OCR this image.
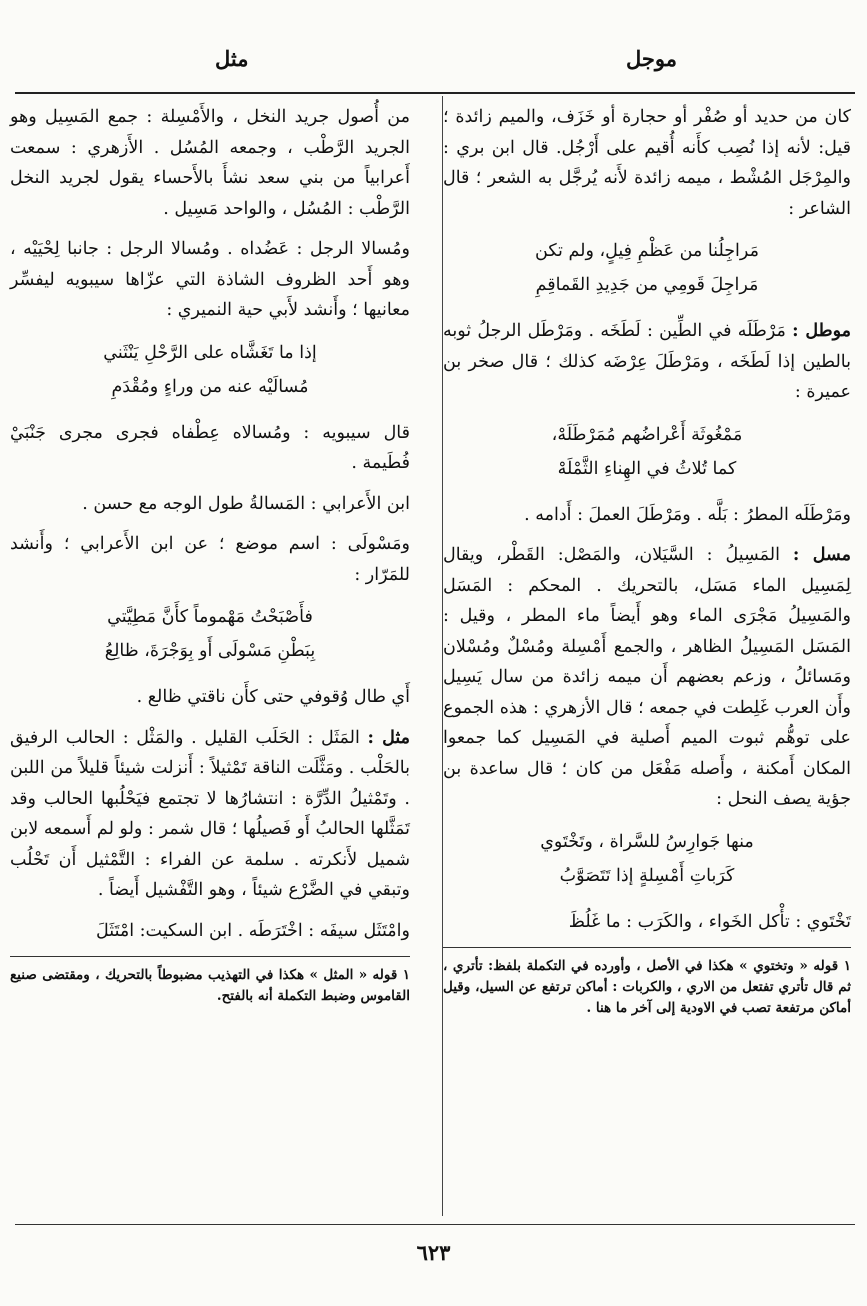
موجل
مثل

كان من حديد أو صُفْر أو حجارة أو خَزَف، والميم زائدة ؛ قيل: لأنه إذا نُصِب كأَنه أُقيم على أَرْجُل. قال ابن بري : والمِرْجَل المُشْط ، ميمه زائدة لأَنه يُرجَّل به الشعر ؛ قال الشاعر :

مَراجِلُنا من عَظْمِ فِيلٍ، ولم تكن
مَراجِلَ قَومِي من جَدِيدِ القَماقِمِ

موطل : مَرْطَلَه في الطِّين : لَطَخَه . ومَرْطَل الرجلُ ثوبه بالطين إذا لَطَخَه ، ومَرْطَلَ عِرْضَه كذلك ؛ قال صخر بن عميرة :

مَمْغُوثَة أَعْراضُهم مُمَرْطَلَهْ،
كما تُلاثُ في الهِناءِ الثَّمْلَهْ

ومَرْطَلَه المطرُ : بَلَّه . ومَرْطَلَ العملَ : أَدامه .

مسل : المَسِيلُ : السَّيَلان، والمَصْل: القَطْر، ويقال لِمَسِيل الماء مَسَل، بالتحريك . المحكم : المَسَل والمَسِيلُ مَجْرَى الماء وهو أَيضاً ماء المطر ، وقيل : المَسَل المَسِيلُ الظاهر ، والجمع أَمْسِلة ومُسْلٌ ومُسْلان ومَسائلُ ، وزعم بعضهم أَن ميمه زائدة من سال يَسِيل وأَن العرب غَلِطت في جمعه ؛ قال الأزهري : هذه الجموع على توهُّم ثبوت الميم أَصلية في المَسِيل كما جمعوا المكان أَمكنة ، وأَصله مَفْعَل من كان ؛ قال ساعدة بن جؤية يصف النحل :

منها جَوارِسُ للسَّراة ، وتَخْتَوي
كَرَباتِ أَمْسِلةٍ إذا تَتَصَوَّبُ

تَخْتَوي : تأْكل الخَواء ، والكَرَب : ما غَلُظَ

١ قوله « وتختوي » هكذا في الأصل ، وأورده في التكملة بلفظ: تأتري ، ثم قال تأتري تفتعل من الاري ، والكربات : أماكن ترتفع عن السيل، وقيل أماكن مرتفعة تصب في الاودية إلى آخر ما هنا .

من أُصول جريد النخل ، والأَمْسِلة : جمع المَسِيل وهو الجريد الرَّطْب ، وجمعه المُسُل . الأَزهري : سمعت أَعرابياً من بني سعد نشأَ بالأَحساء يقول لجريد النخل الرَّطْب : المُسُل ، والواحد مَسِيل .

ومُسالا الرجل : عَضُداه . ومُسالا الرجل : جانبا لِحْيَيْه ، وهو أَحد الظروف الشاذة التي عزّاها سيبويه ليفسِّر معانيها ؛ وأَنشد لأَبي حية النميري :

إذا ما تَغَشَّاه على الرَّحْلِ يَنْثَني
مُسالَيْه عنه من وراءٍ ومُقْدَمِ

قال سيبويه : ومُسالاه عِطْفاه فجرى مجرى جَنْبَيْ فُطَيمة .

ابن الأَعرابي : المَسالةُ طول الوجه مع حسن .

ومَسْولَى : اسم موضع ؛ عن ابن الأَعرابي ؛ وأَنشد للمَرّار :

فأَصْبَحْتُ مَهْموماً كأَنَّ مَطِيَّتي
بِبَطْنِ مَسْولَى أَو بِوَجْرَةَ، ظالِعُ

أَي طال وُقوفي حتى كأَن ناقتي ظالع .

مثل : المَثَل : الحَلَب القليل . والمَثْل : الحالب الرفيق بالحَلْب . ومَثَّلَت الناقة تَمْثيلاً : أَنزلت شيئاً قليلاً من اللبن . وتَمْثيلُ الدِّرَّة : انتشارُها لا تجتمع فيَحْلُبها الحالب وقد تَمَثَّلها الحالبُ أَو فَصيلُها ؛ قال شمر : ولو لم أَسمعه لابن شميل لأَنكرته . سلمة عن الفراء : التَّمْثيل أَن تَحْلُب وتبقي في الضَّرْع شيئاً ، وهو التَّفْشيل أَيضاً .

وامْتَثَل سيفَه : اخْتَرَطَه . ابن السكيت: امْتَثَلَ

١ قوله « المثل » هكذا في التهذيب مضبوطاً بالتحريك ، ومقتضى صنيع القاموس وضبط التكملة أنه بالفتح.
٦٢٣
